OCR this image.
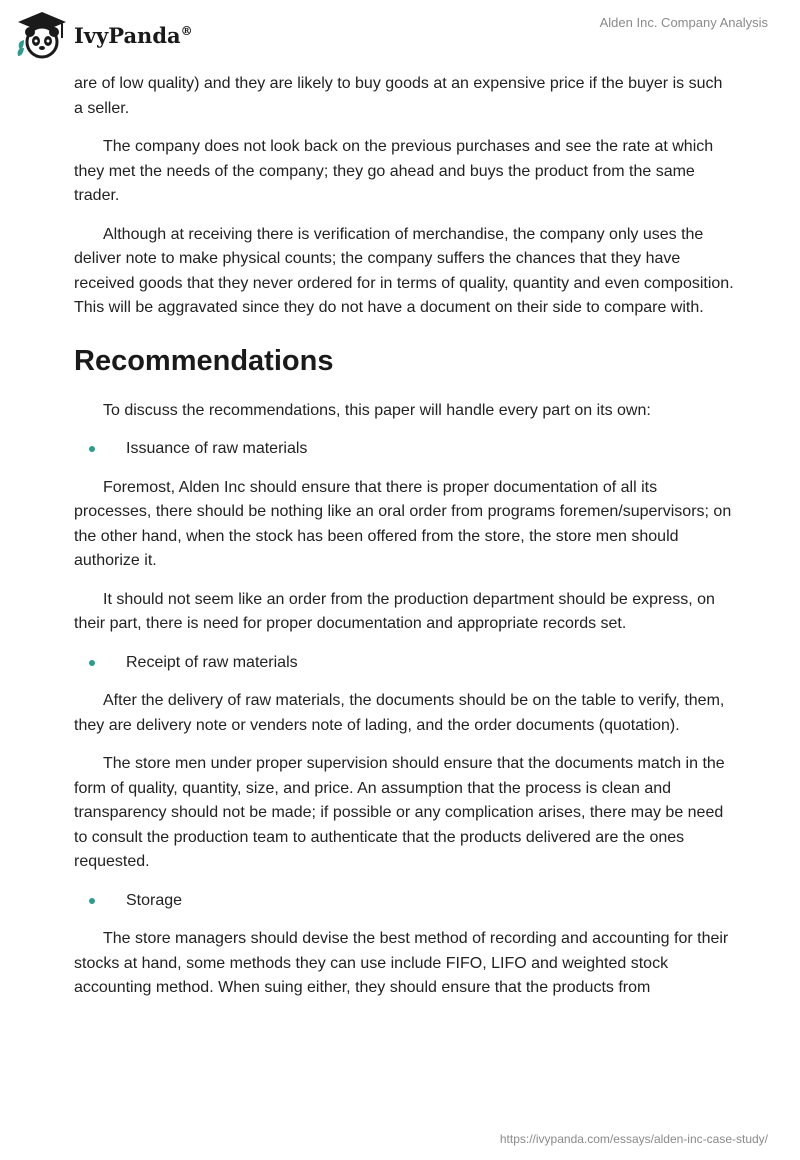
IvyPanda®
Alden Inc. Company Analysis

are of low quality) and they are likely to buy goods at an expensive price if the buyer is such a seller.

The company does not look back on the previous purchases and see the rate at which they met the needs of the company; they go ahead and buys the product from the same trader.

Although at receiving there is verification of merchandise, the company only uses the deliver note to make physical counts; the company suffers the chances that they have received goods that they never ordered for in terms of quality, quantity and even composition. This will be aggravated since they do not have a document on their side to compare with.

Recommendations

To discuss the recommendations, this paper will handle every part on its own:

Issuance of raw materials

Foremost, Alden Inc should ensure that there is proper documentation of all its processes, there should be nothing like an oral order from programs foremen/supervisors; on the other hand, when the stock has been offered from the store, the store men should authorize it.

It should not seem like an order from the production department should be express, on their part, there is need for proper documentation and appropriate records set.

Receipt of raw materials

After the delivery of raw materials, the documents should be on the table to verify, them, they are delivery note or venders note of lading, and the order documents (quotation).

The store men under proper supervision should ensure that the documents match in the form of quality, quantity, size, and price. An assumption that the process is clean and transparency should not be made; if possible or any complication arises, there may be need to consult the production team to authenticate that the products delivered are the ones requested.

Storage

The store managers should devise the best method of recording and accounting for their stocks at hand, some methods they can use include FIFO, LIFO and weighted stock accounting method. When suing either, they should ensure that the products from

https://ivypanda.com/essays/alden-inc-case-study/
